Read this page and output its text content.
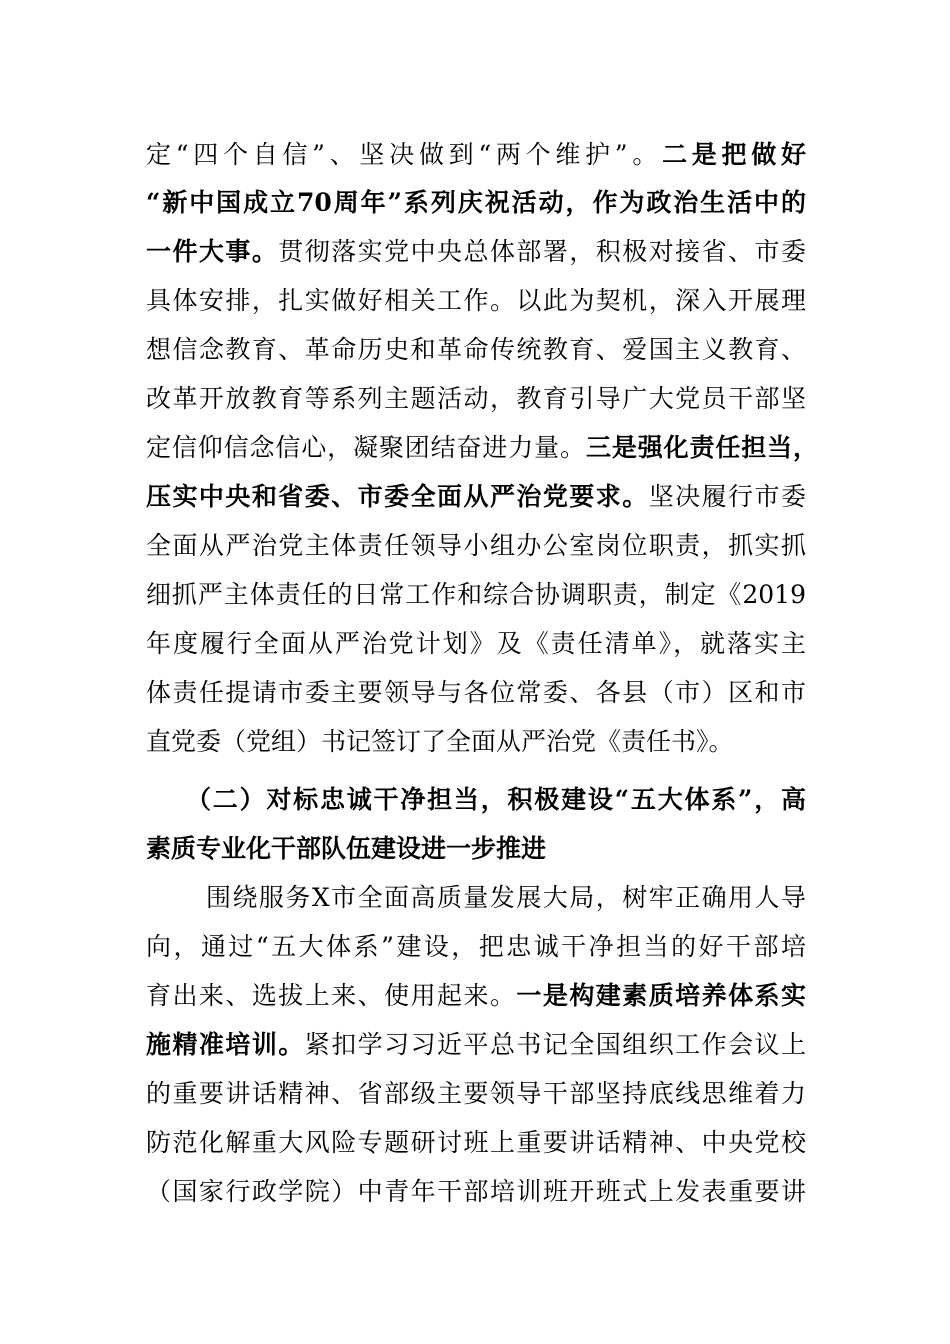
定“四个自信”、坚决做到“两个维护”。二是把做好
“新中国成立70周年”系列庆祝活动，作为政治生活中的
一件大事。贯彻落实党中央总体部署，积极对接省、市委
具体安排，扎实做好相关工作。以此为契机，深入开展理
想信念教育、革命历史和革命传统教育、爱国主义教育、
改革开放教育等系列主题活动，教育引导广大党员干部坚
定信仰信念信心，凝聚团结奋进力量。三是强化责任担当，
压实中央和省委、市委全面从严治党要求。坚决履行市委
全面从严治党主体责任领导小组办公室岗位职责，抓实抓
细抓严主体责任的日常工作和综合协调职责，制定《2019
年度履行全面从严治党计划》及《责任清单》，就落实主
体责任提请市委主要领导与各位常委、各县（市）区和市
直党委（党组）书记签订了全面从严治党《责任书》。
（二）对标忠诚干净担当，积极建设“五大体系”，高
素质专业化干部队伍建设进一步推进
围绕服务X市全面高质量发展大局，树牢正确用人导
向，通过“五大体系”建设，把忠诚干净担当的好干部培
育出来、选拔上来、使用起来。一是构建素质培养体系实
施精准培训。紧扣学习习近平总书记全国组织工作会议上
的重要讲话精神、省部级主要领导干部坚持底线思维着力
防范化解重大风险专题研讨班上重要讲话精神、中央党校
（国家行政学院）中青年干部培训班开班式上发表重要讲
